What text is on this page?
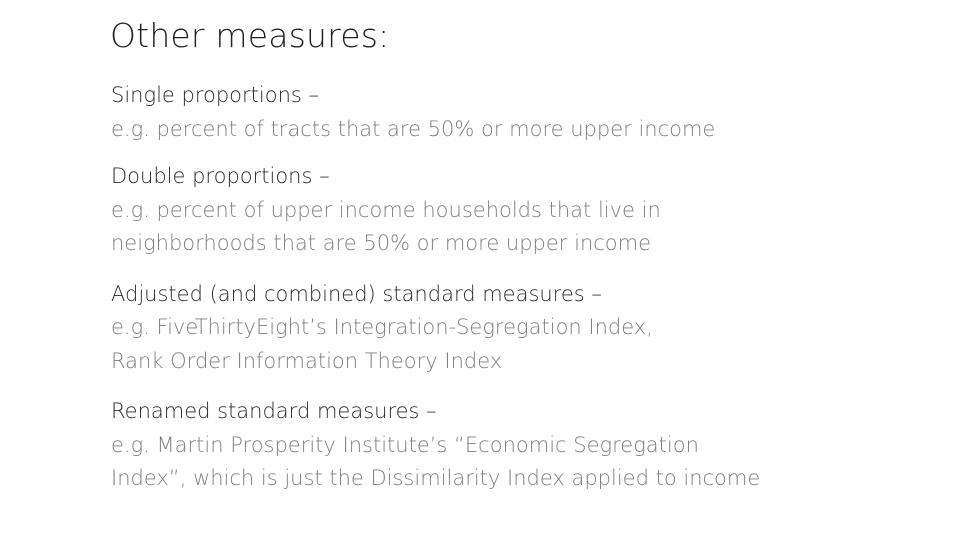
Other measures:
Single proportions –
e.g. percent of tracts that are 50% or more upper income
Double proportions –
e.g. percent of upper income households that live in
neighborhoods that are 50% or more upper income
Adjusted (and combined) standard measures –
e.g. FiveThirtyEight’s Integration-Segregation Index,
Rank Order Information Theory Index
Renamed standard measures –
e.g. Martin Prosperity Institute’s “Economic Segregation
Index”, which is just the Dissimilarity Index applied to income
